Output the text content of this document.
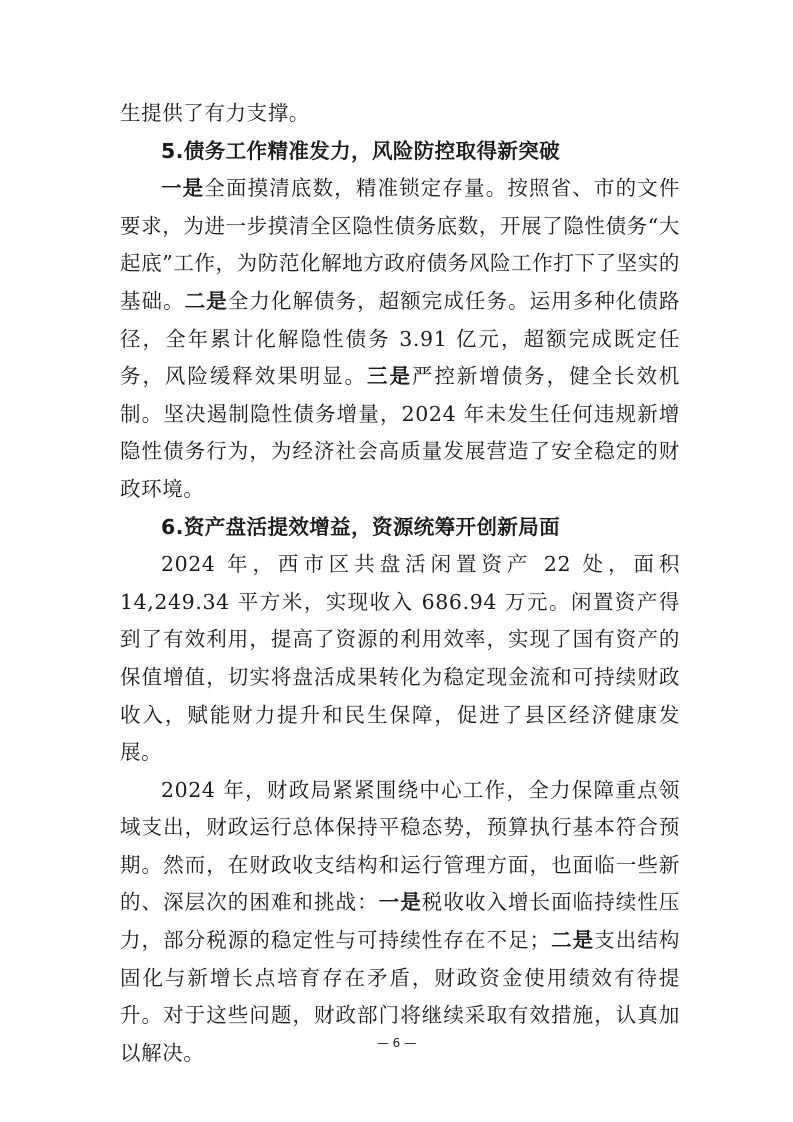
生提供了有力支撑。

5.债务工作精准发力，风险防控取得新突破

一是全面摸清底数，精准锁定存量。按照省、市的文件要求，为进一步摸清全区隐性债务底数，开展了隐性债务“大起底”工作，为防范化解地方政府债务风险工作打下了坚实的基础。二是全力化解债务，超额完成任务。运用多种化债路径，全年累计化解隐性债务 3.91 亿元，超额完成既定任务，风险缓释效果明显。三是严控新增债务，健全长效机制。坚决遏制隐性债务增量，2024 年未发生任何违规新增隐性债务行为，为经济社会高质量发展营造了安全稳定的财政环境。

6.资产盘活提效增益，资源统筹开创新局面

2024 年，西市区共盘活闲置资产 22 处，面积 14,249.34 平方米，实现收入 686.94 万元。闲置资产得到了有效利用，提高了资源的利用效率，实现了国有资产的保值增值，切实将盘活成果转化为稳定现金流和可持续财政收入，赋能财力提升和民生保障，促进了县区经济健康发展。

2024 年，财政局紧紧围绕中心工作，全力保障重点领域支出，财政运行总体保持平稳态势，预算执行基本符合预期。然而，在财政收支结构和运行管理方面，也面临一些新的、深层次的困难和挑战：一是税收收入增长面临持续性压力，部分税源的稳定性与可持续性存在不足；二是支出结构固化与新增长点培育存在矛盾，财政资金使用绩效有待提升。对于这些问题，财政部门将继续采取有效措施，认真加以解决。	— 6 —
